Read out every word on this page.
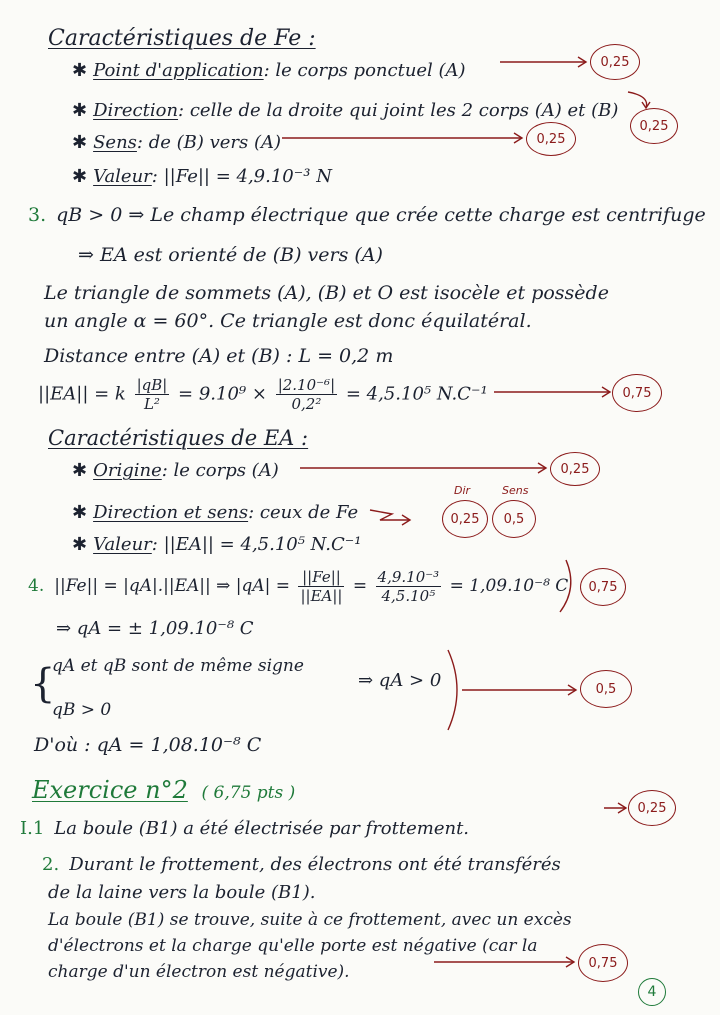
Caractéristiques de Fe :
✱ Point d'application: le corps ponctuel (A)
✱ Direction: celle de la droite qui joint les 2 corps (A) et (B)
✱ Sens: de (B) vers (A)
✱ Valeur: ||Fe|| = 4,9.10⁻³ N
3. qB > 0 ⇒ Le champ électrique que crée cette charge est centrifuge
⇒ EA est orienté de (B) vers (A)
Le triangle de sommets (A), (B) et O est isocèle et possède
un angle α = 60°. Ce triangle est donc équilatéral.
Distance entre (A) et (B) : L = 0,2 m
||EA|| = k $\frac{|qB|}{\text{L²}} = 9.10^9 \times \frac{\text{|2.10⁻⁶|}}{\text{0,2²}} = 4,5.10^5$ N.C⁻¹
Caractéristiques de EA :
✱ Origine: le corps (A)
✱ Direction et sens: ceux de Fe
✱ Valeur: ||EA|| = 4,5.10⁵ N.C⁻¹
4. ||Fe|| = |qA|.||EA|| ⇒ $|qA| = \frac{||Fe||}{||EA||} = \frac{\text{4,9.10⁻³}}{\text{4,5.10⁵}} = 1,09.10^{-8}$ C
⇒ qA = ± 1,09.10⁻⁸ C
{
qA et qB sont de même signe
qB > 0
⇒ qA > 0
D'où : qA = 1,08.10⁻⁸ C
Exercice n°2 ( 6,75 pts )
I.1 La boule (B1) a été électrisée par frottement.
2. Durant le frottement, des électrons ont été transférés
de la laine vers la boule (B1).
La boule (B1) se trouve, suite à ce frottement, avec un excès
d'électrons et la charge qu'elle porte est négative (car la
charge d'un électron est négative).
0,25
0,25
0,25
0,75
0,25
Dir	Sens
0,25	0,5
0,75
0,5
0,25
0,75
4
